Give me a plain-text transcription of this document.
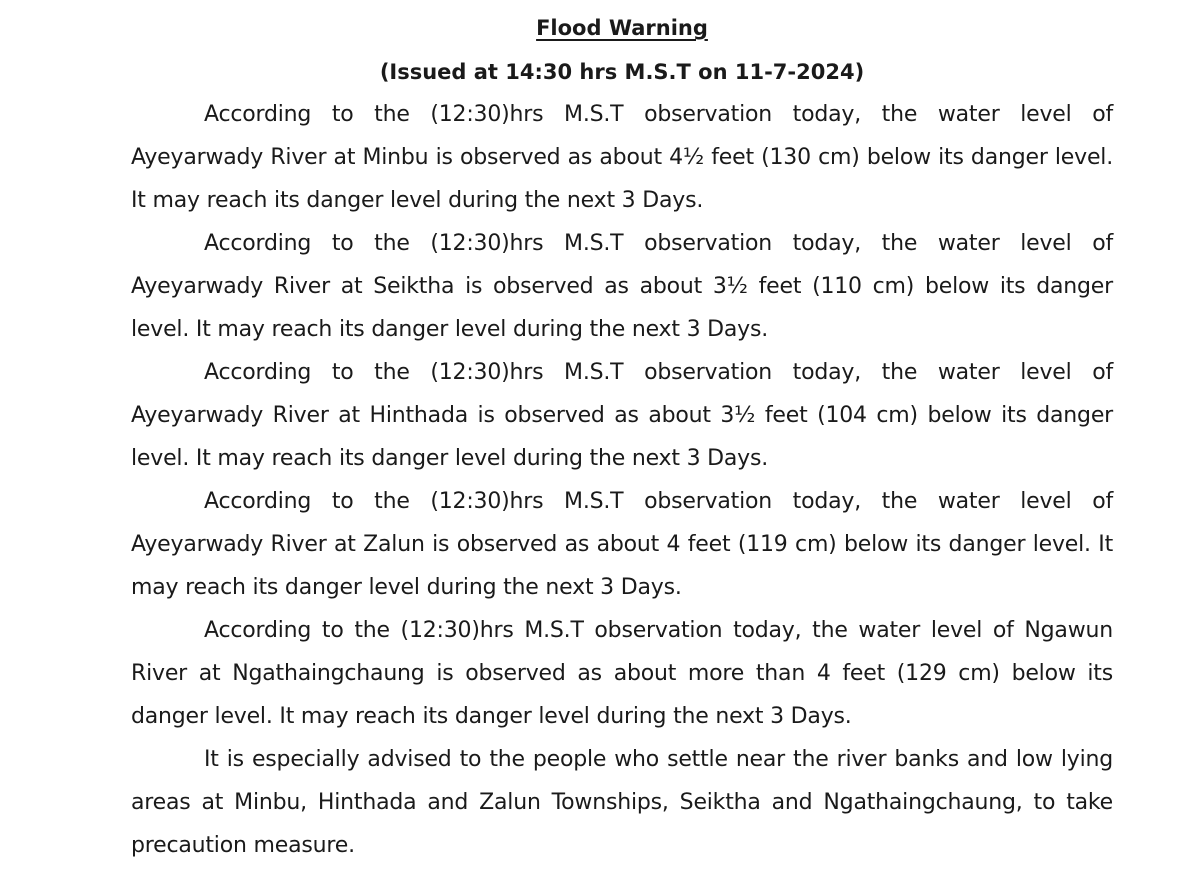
Flood Warning
(Issued at 14:30 hrs M.S.T on 11-7-2024)

According to the (12:30)hrs M.S.T observation today, the water level of Ayeyarwady River at Minbu is observed as about 4½ feet (130 cm) below its danger level. It may reach its danger level during the next 3 Days.

According to the (12:30)hrs M.S.T observation today, the water level of Ayeyarwady River at Seiktha is observed as about 3½ feet (110 cm) below its danger level. It may reach its danger level during the next 3 Days.

According to the (12:30)hrs M.S.T observation today, the water level of Ayeyarwady River at Hinthada is observed as about 3½ feet (104 cm) below its danger level. It may reach its danger level during the next 3 Days.

According to the (12:30)hrs M.S.T observation today, the water level of Ayeyarwady River at Zalun is observed as about 4 feet (119 cm) below its danger level. It may reach its danger level during the next 3 Days.

According to the (12:30)hrs M.S.T observation today, the water level of Ngawun River at Ngathaingchaung is observed as about more than 4 feet (129 cm) below its danger level. It may reach its danger level during the next 3 Days.

It is especially advised to the people who settle near the river banks and low lying areas at Minbu, Hinthada and Zalun Townships, Seiktha and Ngathaingchaung, to take precaution measure.
